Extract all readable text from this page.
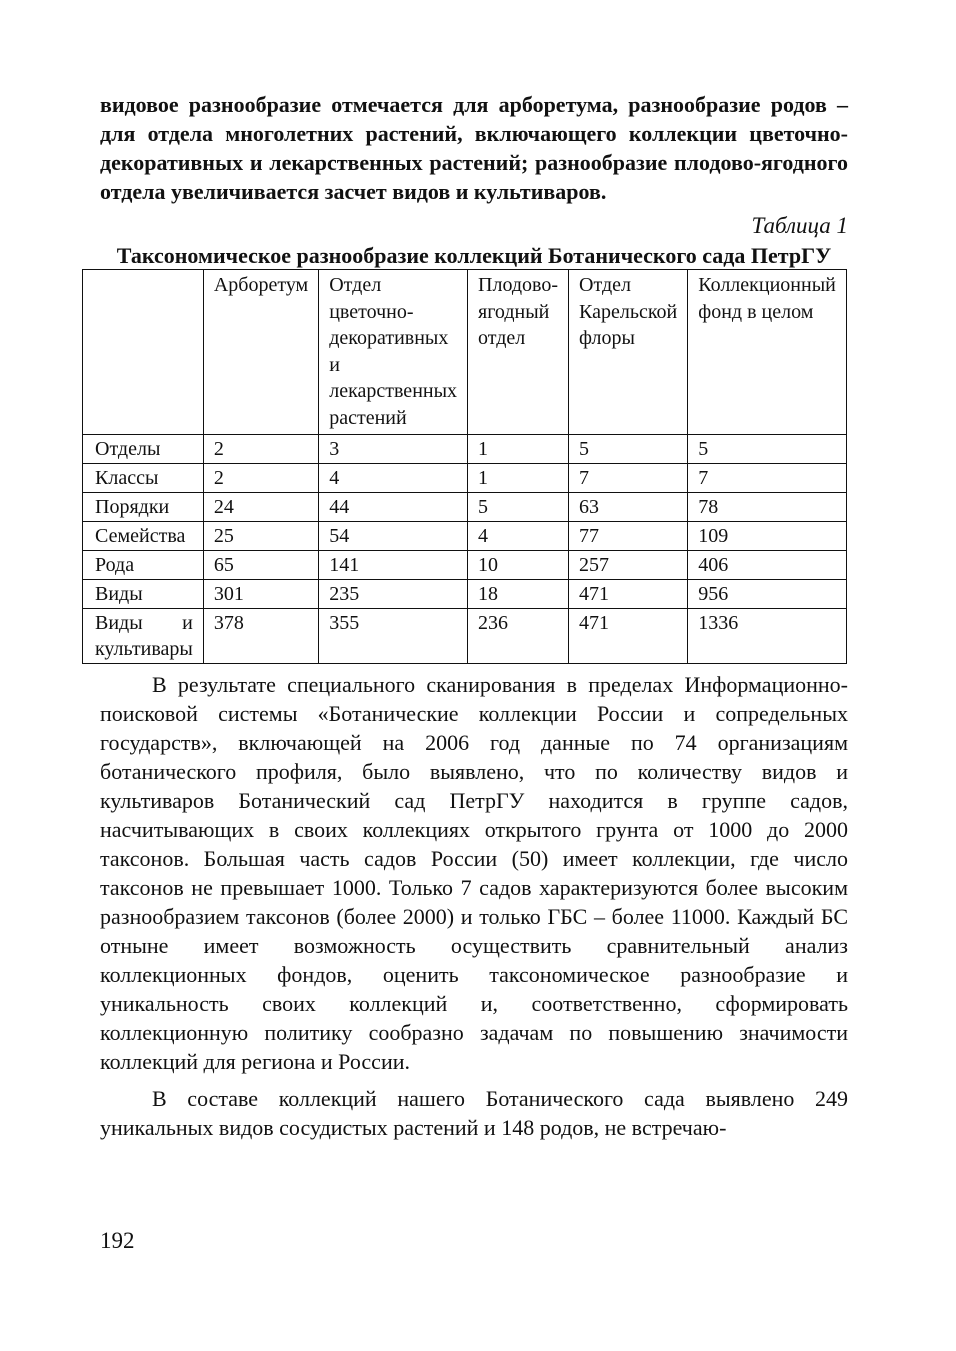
видовое разнообразие отмечается для арборетума, разнообразие родов – для отдела многолетних растений, включающего коллекции цветочно-декоративных и лекарственных растений; разнообразие плодово-ягодного отдела увеличивается засчет видов и культиваров.

Таблица 1
Таксономическое разнообразие коллекций Ботанического сада ПетрГУ
	Арборетум	Отдел цветочно-декоративных и лекарственных растений	Плодово-ягодный отдел	Отдел Карельской флоры	Коллекционный фонд в целом
Отделы	2	3	1	5	5
Классы	2	4	1	7	7
Порядки	24	44	5	63	78
Семейства	25	54	4	77	109
Рода	65	141	10	257	406
Виды	301	235	18	471	956

Виды и
культивары	378	355	236	471	1336

В результате специального сканирования в пределах Информационно-поисковой системы «Ботанические коллекции России и сопредельных государств», включающей на 2006 год данные по 74 организациям ботанического профиля, было выявлено, что по количеству видов и культиваров Ботанический сад ПетрГУ находится в группе садов, насчитывающих в своих коллекциях открытого грунта от 1000 до 2000 таксонов. Большая часть садов России (50) имеет коллекции, где число таксонов не превышает 1000. Только 7 садов характеризуются более высоким разнообразием таксонов (более 2000) и только ГБС – более 11000. Каждый БС отныне имеет возможность осуществить сравнительный анализ коллекционных фондов, оценить таксономическое разнообразие и уникальность своих коллекций и, соответственно, сформировать коллекционную политику сообразно задачам по повышению значимости коллекций для региона и России.

В составе коллекций нашего Ботанического сада выявлено 249 уникальных видов сосудистых растений и 148 родов, не встречаю-

192
